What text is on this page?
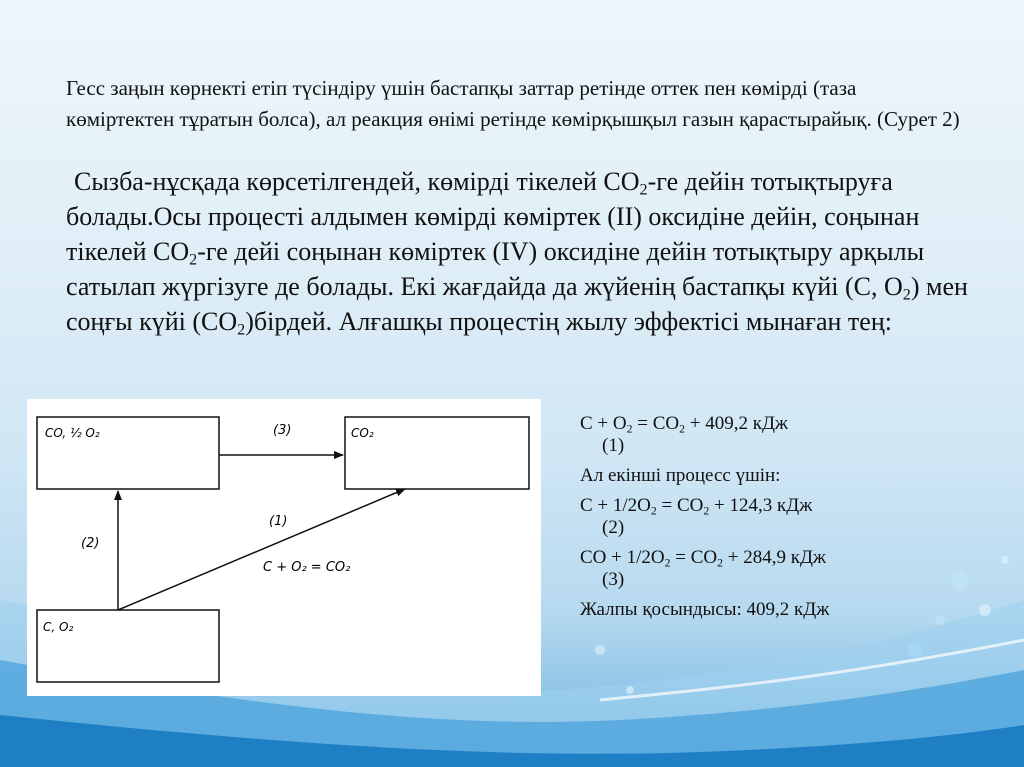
Гесс заңын көрнекті етіп түсіндіру үшін бастапқы заттар ретінде оттек пен көмірді (таза көміртектен тұратын болса), ал реакция өнімі ретінде көмірқышқыл газын қарастырайық. (Сурет 2)
Сызба-нұсқада көрсетілгендей, көмірді тікелей $СО_2-ге$ дейін тотықтыруға болады.Осы процесті алдымен көмірді көміртек (ІІ) оксидіне дейін, соңынан тікелей $СО_2-ге$ дейі соңынан көміртек (IV) оксидіне дейін тотықтыру арқылы сатылап жүргізуге де болады. Екі жағдайда да жүйенің бастапқы күйі (С, $О_2$) мен соңғы күйі $(СО_2)бірдей$. Алғашқы процестің жылу эффектісі мынаған тең:
CO, ½ O₂	CO₂
C, O₂
(3)
(2)
(1)
C + O₂ = CO₂
$C + O_2 = CO_2 + 409,2$ кДж
(1)
Ал екінші процесс үшін:
$C + 1/2O_2 = CO_2 + 124,3$ кДж
(2)
CO + $1/2O_2 = CO_2 + 284,9$ кДж
(3)
Жалпы қосындысы: 409,2 кДж
